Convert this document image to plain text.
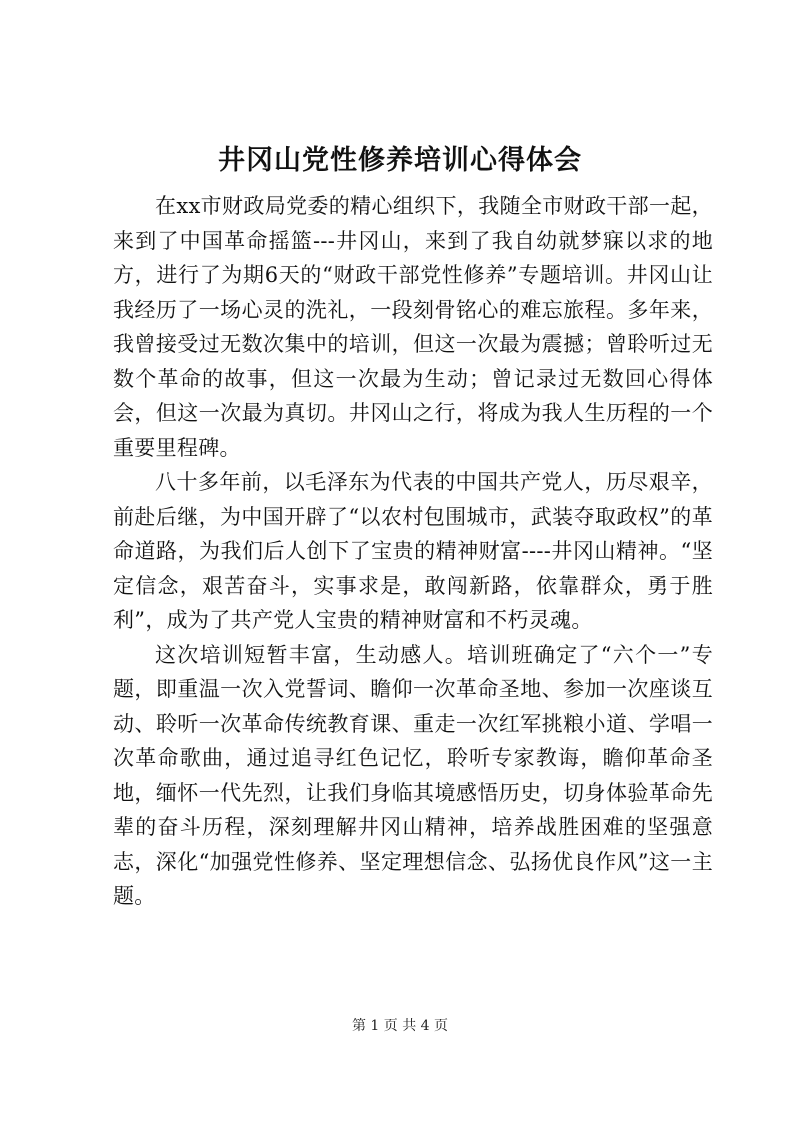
井冈山党性修养培训心得体会

在xx市财政局党委的精心组织下，我随全市财政干部一起，来到了中国革命摇篮---井冈山，来到了我自幼就梦寐以求的地方，进行了为期6天的“财政干部党性修养”专题培训。井冈山让我经历了一场心灵的洗礼，一段刻骨铭心的难忘旅程。多年来，我曾接受过无数次集中的培训，但这一次最为震撼；曾聆听过无数个革命的故事，但这一次最为生动；曾记录过无数回心得体会，但这一次最为真切。井冈山之行，将成为我人生历程的一个重要里程碑。

八十多年前，以毛泽东为代表的中国共产党人，历尽艰辛，前赴后继，为中国开辟了“以农村包围城市，武装夺取政权”的革命道路，为我们后人创下了宝贵的精神财富----井冈山精神。“坚定信念，艰苦奋斗，实事求是，敢闯新路，依靠群众，勇于胜利”，成为了共产党人宝贵的精神财富和不朽灵魂。

这次培训短暂丰富，生动感人。培训班确定了“六个一”专题，即重温一次入党誓词、瞻仰一次革命圣地、参加一次座谈互动、聆听一次革命传统教育课、重走一次红军挑粮小道、学唱一次革命歌曲，通过追寻红色记忆，聆听专家教诲，瞻仰革命圣地，缅怀一代先烈，让我们身临其境感悟历史，切身体验革命先辈的奋斗历程，深刻理解井冈山精神，培养战胜困难的坚强意志，深化“加强党性修养、坚定理想信念、弘扬优良作风”这一主题。

第 1 页 共 4 页
